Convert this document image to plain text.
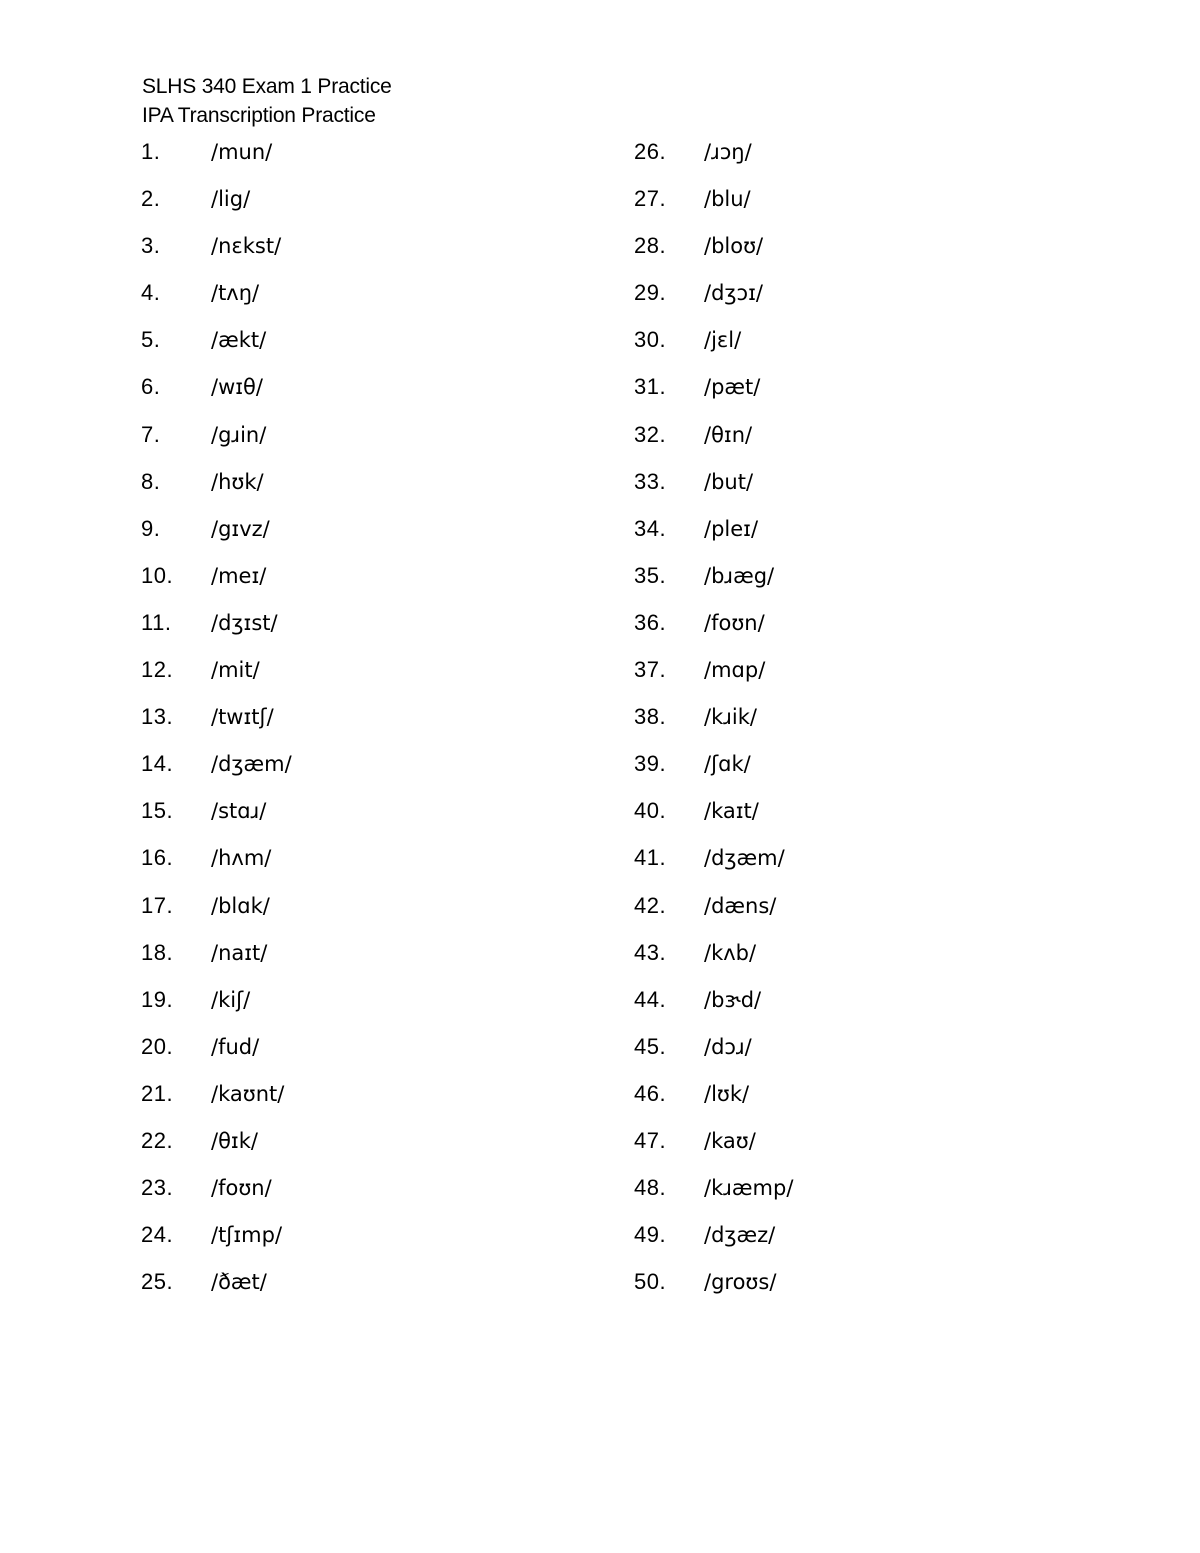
SLHS 340 Exam 1 Practice
IPA Transcription Practice
1.	/mun/
2.	/lig/
3.	/nɛkst/
4.	/tʌŋ/
5.	/ækt/
6.	/wɪθ/
7.	/gɹin/
8.	/hʊk/
9.	/gɪvz/
10.	/meɪ/
11.	/dʒɪst/
12.	/mit/
13.	/twɪtʃ/
14.	/dʒæm/
15.	/stɑɹ/
16.	/hʌm/
17.	/blɑk/
18.	/naɪt/
19.	/kiʃ/
20.	/fud/
21.	/kaʊnt/
22.	/θɪk/
23.	/foʊn/
24.	/tʃɪmp/
25.	/ðæt/
26.	/ɹɔŋ/
27.	/blu/
28.	/bloʊ/
29.	/dʒɔɪ/
30.	/jɛl/
31.	/pæt/
32.	/θɪn/
33.	/but/
34.	/pleɪ/
35.	/bɹæg/
36.	/foʊn/
37.	/mɑp/
38.	/kɹik/
39.	/ʃɑk/
40.	/kaɪt/
41.	/dʒæm/
42.	/dæns/
43.	/kʌb/
44.	/bɝd/
45.	/dɔɹ/
46.	/lʊk/
47.	/kaʊ/
48.	/kɹæmp/
49.	/dʒæz/
50.	/groʊs/
